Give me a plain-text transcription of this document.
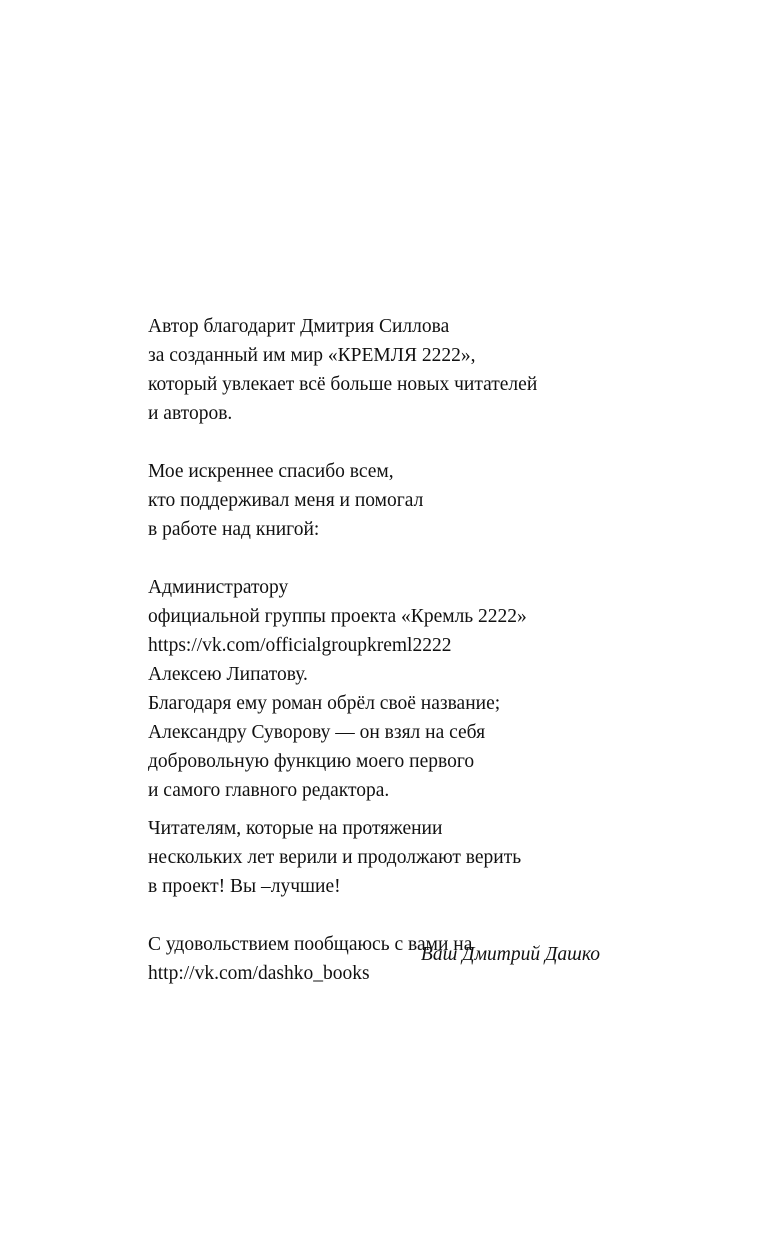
Автор благодарит Дмитрия Силлова
за созданный им мир «КРЕМЛЯ 2222»,
который увлекает всё больше новых читателей
и авторов.
Мое искреннее спасибо всем,
кто поддерживал меня и помогал
в работе над книгой:
Администратору
официальной группы проекта «Кремль 2222»
https://vk.com/officialgroupkreml2222
Алексею Липатову.
Благодаря ему роман обрёл своё название;
Александру Суворову — он взял на себя
добровольную функцию моего первого
и самого главного редактора.
Читателям, которые на протяжении
нескольких лет верили и продолжают верить
в проект! Вы –лучшие!
С удовольствием пообщаюсь с вами на
http://vk.com/dashko_books
Ваш Дмитрий Дашко
